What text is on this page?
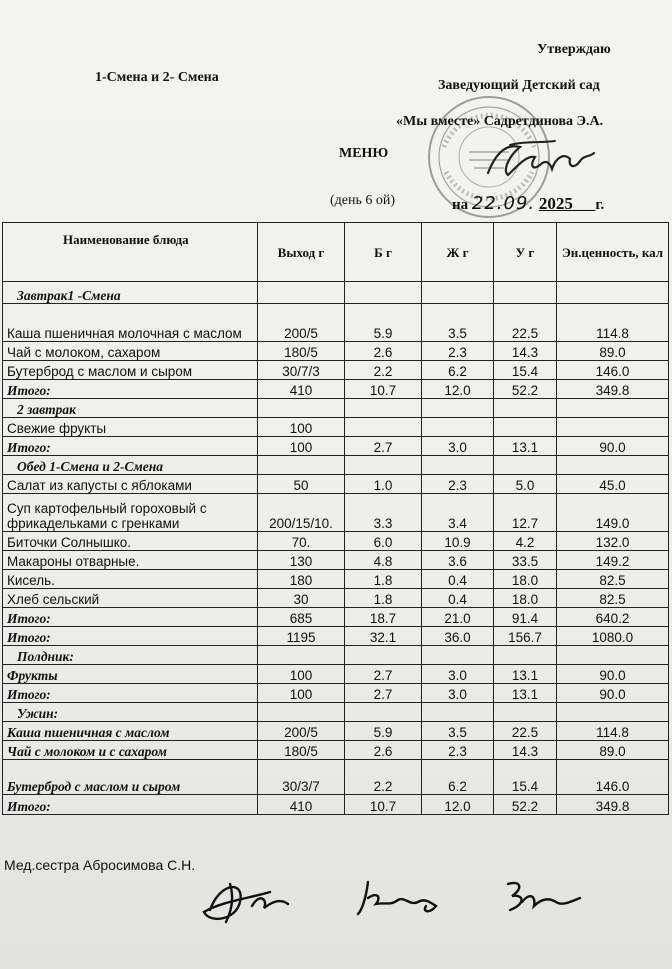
Утверждаю
1-Смена и 2- Смена
Заведующий Детский сад
«Мы вместе» Садретдинова Э.А.
МЕНЮ
(день 6 ой)	на 22.09. 2025___г.
Наименование блюда	Выход г	Б г	Ж г	У г	Эн.ценность, кал
Завтрак1 -Смена					
Каша пшеничная молочная с маслом	200/5	5.9	3.5	22.5	114.8
Чай с молоком, сахаром	180/5	2.6	2.3	14.3	89.0
Бутерброд с маслом и сыром	30/7/3	2.2	6.2	15.4	146.0
Итого:	410	10.7	12.0	52.2	349.8
2 завтрак					
Свежие фрукты	100				
Итого:	100	2.7	3.0	13.1	90.0
Обед 1-Смена и 2-Смена					
Салат из капусты с яблоками	50	1.0	2.3	5.0	45.0
Суп картофельный гороховый с фрикадельками с гренками	200/15/10.	3.3	3.4	12.7	149.0
Биточки Солнышко.	70.	6.0	10.9	4.2	132.0
Макароны отварные.	130	4.8	3.6	33.5	149.2
Кисель.	180	1.8	0.4	18.0	82.5
Хлеб сельский	30	1.8	0.4	18.0	82.5
Итого:	685	18.7	21.0	91.4	640.2
Итого:	1195	32.1	36.0	156.7	1080.0
Полдник:					
Фрукты	100	2.7	3.0	13.1	90.0
Итого:	100	2.7	3.0	13.1	90.0
Ужин:					
Каша пшеничная с маслом	200/5	5.9	3.5	22.5	114.8
Чай с молоком и с сахаром	180/5	2.6	2.3	14.3	89.0
Бутерброд с маслом и сыром	30/3/7	2.2	6.2	15.4	146.0
Итого:	410	10.7	12.0	52.2	349.8
Мед.сестра Абросимова С.Н.
